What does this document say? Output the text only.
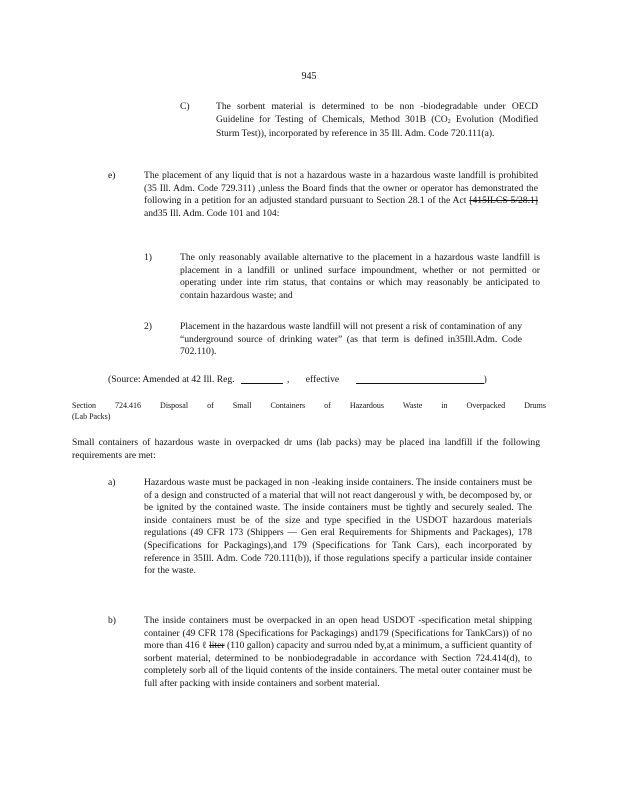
945
C)	The sorbent material is determined to be non -biodegradable under OECD Guideline for Testing of Chemicals, Method 301B (CO2 Evolution (Modified Sturm Test)), incorporated by reference in 35 Ill. Adm. Code 720.111(a).
e)	The placement of any liquid that is not a hazardous waste in a hazardous waste landfill is prohibited (35 Ill. Adm. Code 729.311) ,unless the Board finds that the owner or operator has demonstrated the following in a petition for an adjusted standard pursuant to Section 28.1 of the Act [415ILCS 5/28.1] and35 Ill. Adm. Code 101 and 104:
1)	The only reasonably available alternative to the placement in a hazardous waste landfill is placement in a landfill or unlined surface impoundment, whether or not permitted or operating under inte rim status, that contains or which may reasonably be anticipated to contain hazardous waste; and
2)	Placement in the hazardous waste landfill will not present a risk of contamination of any “underground source of drinking water” (as that term is defined in35Ill.Adm. Code 702.110).
(Source: Amended at 42 Ill. Reg.	, effective	)
Section 724.416 Disposal of Small Containers of Hazardous Waste in Overpacked Drums
(Lab Packs)
Small containers of hazardous waste in overpacked dr ums (lab packs) may be placed ina landfill if the following requirements are met:
a)	Hazardous waste must be packaged in non -leaking inside containers. The inside containers must be of a design and constructed of a material that will not react dangerousl y with, be decomposed by, or be ignited by the contained waste. The inside containers must be tightly and securely sealed. The inside containers must be of the size and type specified in the USDOT hazardous materials regulations (49 CFR 173 (Shippers — Gen eral Requirements for Shipments and Packages), 178 (Specifications for Packagings),and 179 (Specifications for Tank Cars), each incorporated by reference in 35Ill. Adm. Code 720.111(b)), if those regulations specify a particular inside container for the waste.
b)	The inside containers must be overpacked in an open head USDOT -specification metal shipping container (49 CFR 178 (Specifications for Packagings) and179 (Specifications for TankCars)) of no more than 416 ℓ liter (110 gallon) capacity and surrou nded by,at a minimum, a sufficient quantity of sorbent material, determined to be nonbiodegradable in accordance with Section 724.414(d), to completely sorb all of the liquid contents of the inside containers. The metal outer container must be full after packing with inside containers and sorbent material.
